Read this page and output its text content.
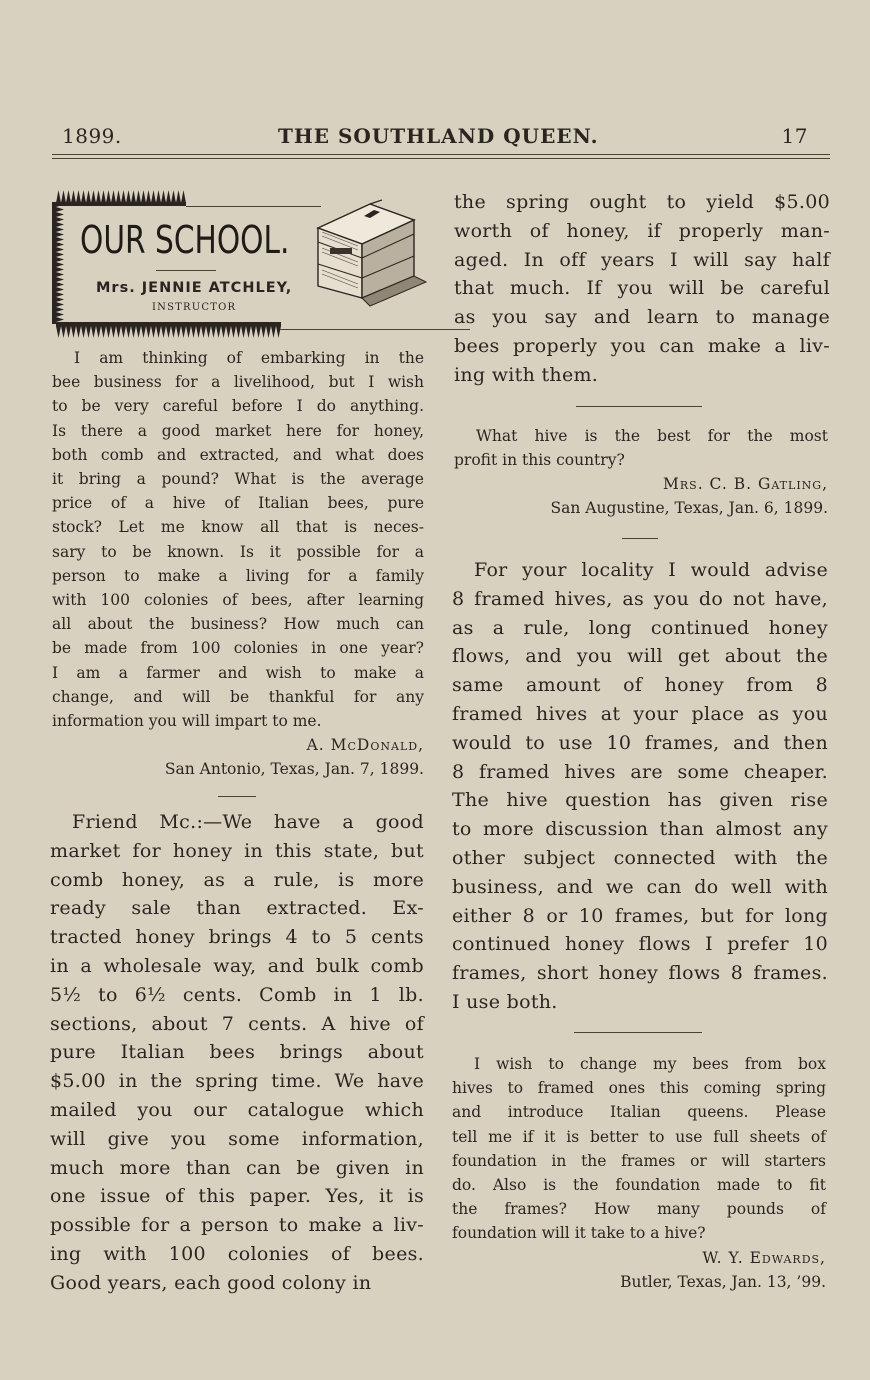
1899.	THE SOUTHLAND QUEEN.	17
OUR SCHOOL.
Mrs. JENNIE ATCHLEY,
INSTRUCTOR
I am thinking of embarking in the
bee business for a livelihood, but I wish
to be very careful before I do anything.
Is there a good market here for honey,
both comb and extracted, and what does
it bring a pound? What is the average
price of a hive of Italian bees, pure
stock? Let me know all that is neces-
sary to be known. Is it possible for a
person to make a living for a family
with 100 colonies of bees, after learning
all about the business? How much can
be made from 100 colonies in one year?
I am a farmer and wish to make a
change, and will be thankful for any
information you will impart to me.
A. McDonald,
San Antonio, Texas, Jan. 7, 1899.
Friend Mc.:—We have a good
market for honey in this state, but
comb honey, as a rule, is more
ready sale than extracted. Ex-
tracted honey brings 4 to 5 cents
in a wholesale way, and bulk comb
5½ to 6½ cents. Comb in 1 lb.
sections, about 7 cents. A hive of
pure Italian bees brings about
$5.00 in the spring time. We have
mailed you our catalogue which
will give you some information,
much more than can be given in
one issue of this paper. Yes, it is
possible for a person to make a liv-
ing with 100 colonies of bees.
Good years, each good colony in
the spring ought to yield $5.00
worth of honey, if properly man-
aged. In off years I will say half
that much. If you will be careful
as you say and learn to manage
bees properly you can make a liv-
ing with them.
What hive is the best for the most
profit in this country?
Mrs. C. B. Gatling,
San Augustine, Texas, Jan. 6, 1899.
For your locality I would advise
8 framed hives, as you do not have,
as a rule, long continued honey
flows, and you will get about the
same amount of honey from 8
framed hives at your place as you
would to use 10 frames, and then
8 framed hives are some cheaper.
The hive question has given rise
to more discussion than almost any
other subject connected with the
business, and we can do well with
either 8 or 10 frames, but for long
continued honey flows I prefer 10
frames, short honey flows 8 frames.
I use both.
I wish to change my bees from box
hives to framed ones this coming spring
and introduce Italian queens. Please
tell me if it is better to use full sheets of
foundation in the frames or will starters
do. Also is the foundation made to fit
the frames? How many pounds of
foundation will it take to a hive?
W. Y. Edwards,
Butler, Texas, Jan. 13, ’99.
